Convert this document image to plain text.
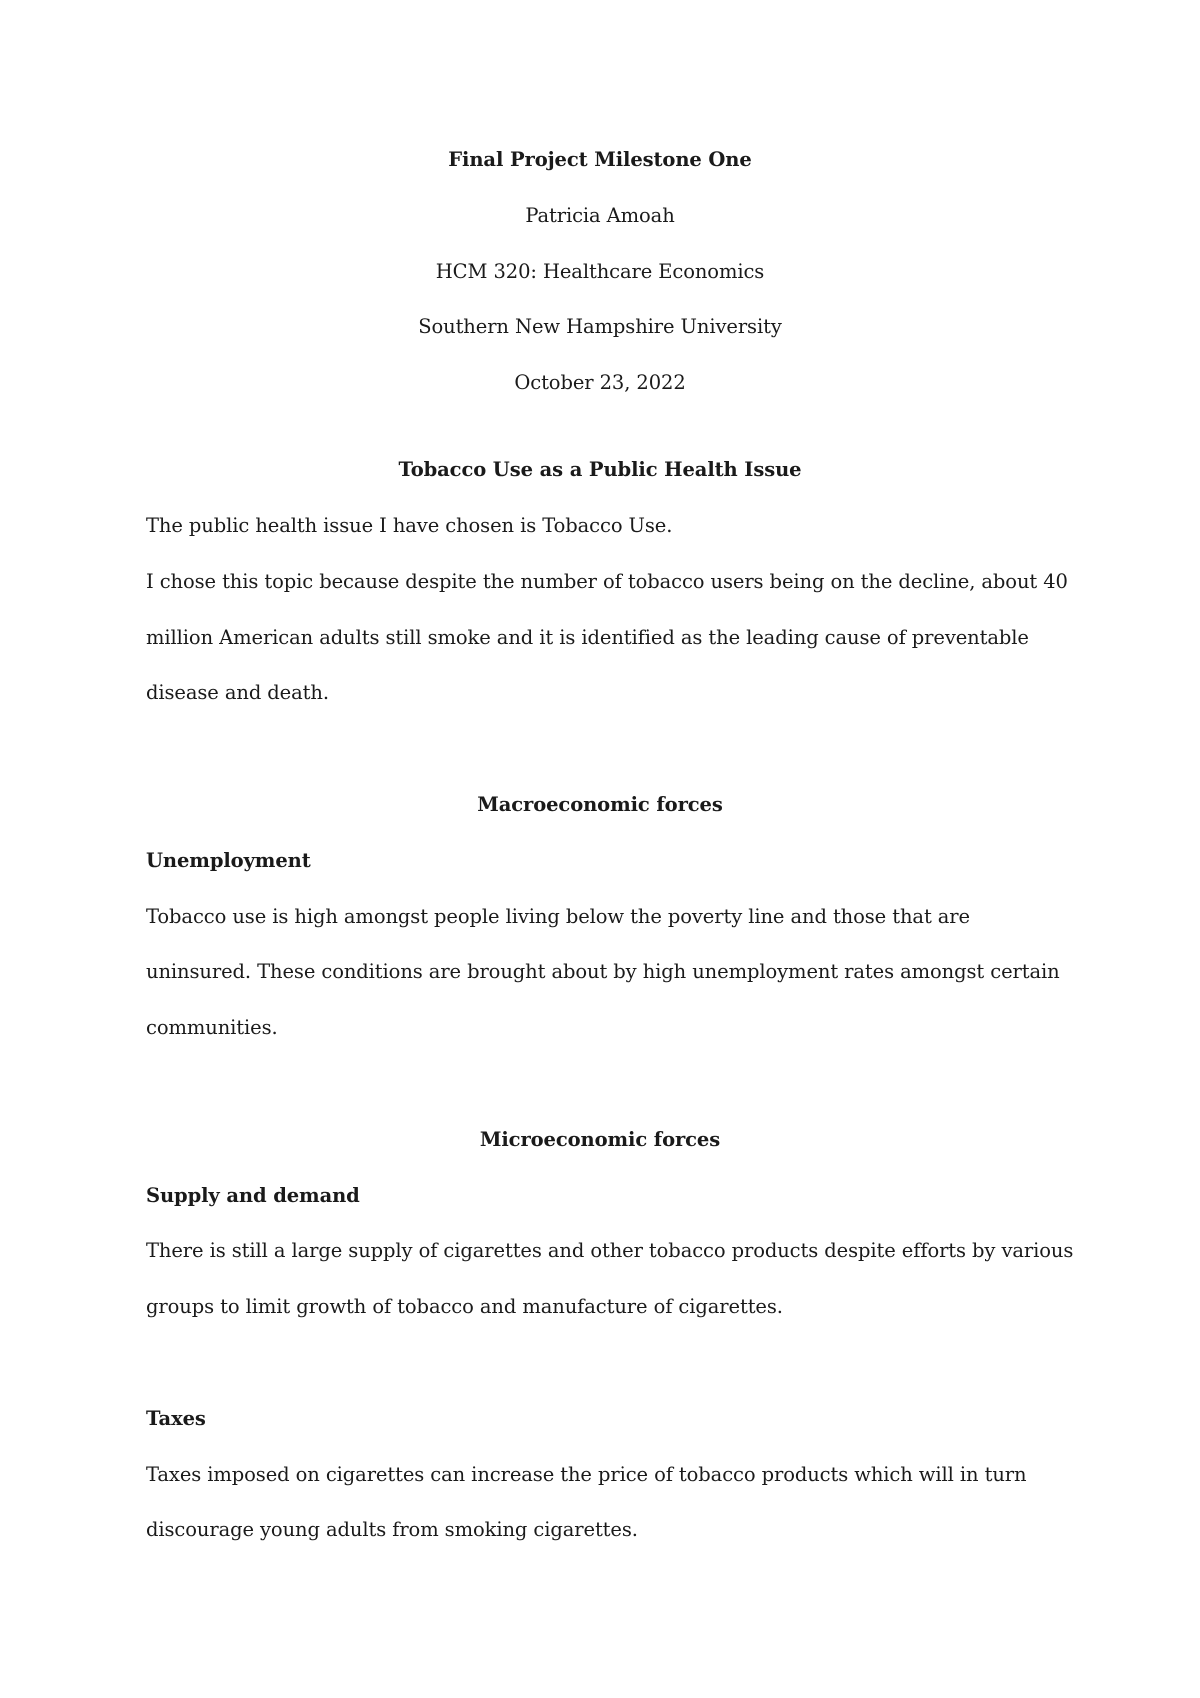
Final Project Milestone One
Patricia Amoah
HCM 320: Healthcare Economics
Southern New Hampshire University
October 23, 2022
Tobacco Use as a Public Health Issue
The public health issue I have chosen is Tobacco Use.
I chose this topic because despite the number of tobacco users being on the decline, about 40
million American adults still smoke and it is identified as the leading cause of preventable
disease and death.
Macroeconomic forces
Unemployment
Tobacco use is high amongst people living below the poverty line and those that are
uninsured. These conditions are brought about by high unemployment rates amongst certain
communities.
Microeconomic forces
Supply and demand
There is still a large supply of cigarettes and other tobacco products despite efforts by various
groups to limit growth of tobacco and manufacture of cigarettes.
Taxes
Taxes imposed on cigarettes can increase the price of tobacco products which will in turn
discourage young adults from smoking cigarettes.
